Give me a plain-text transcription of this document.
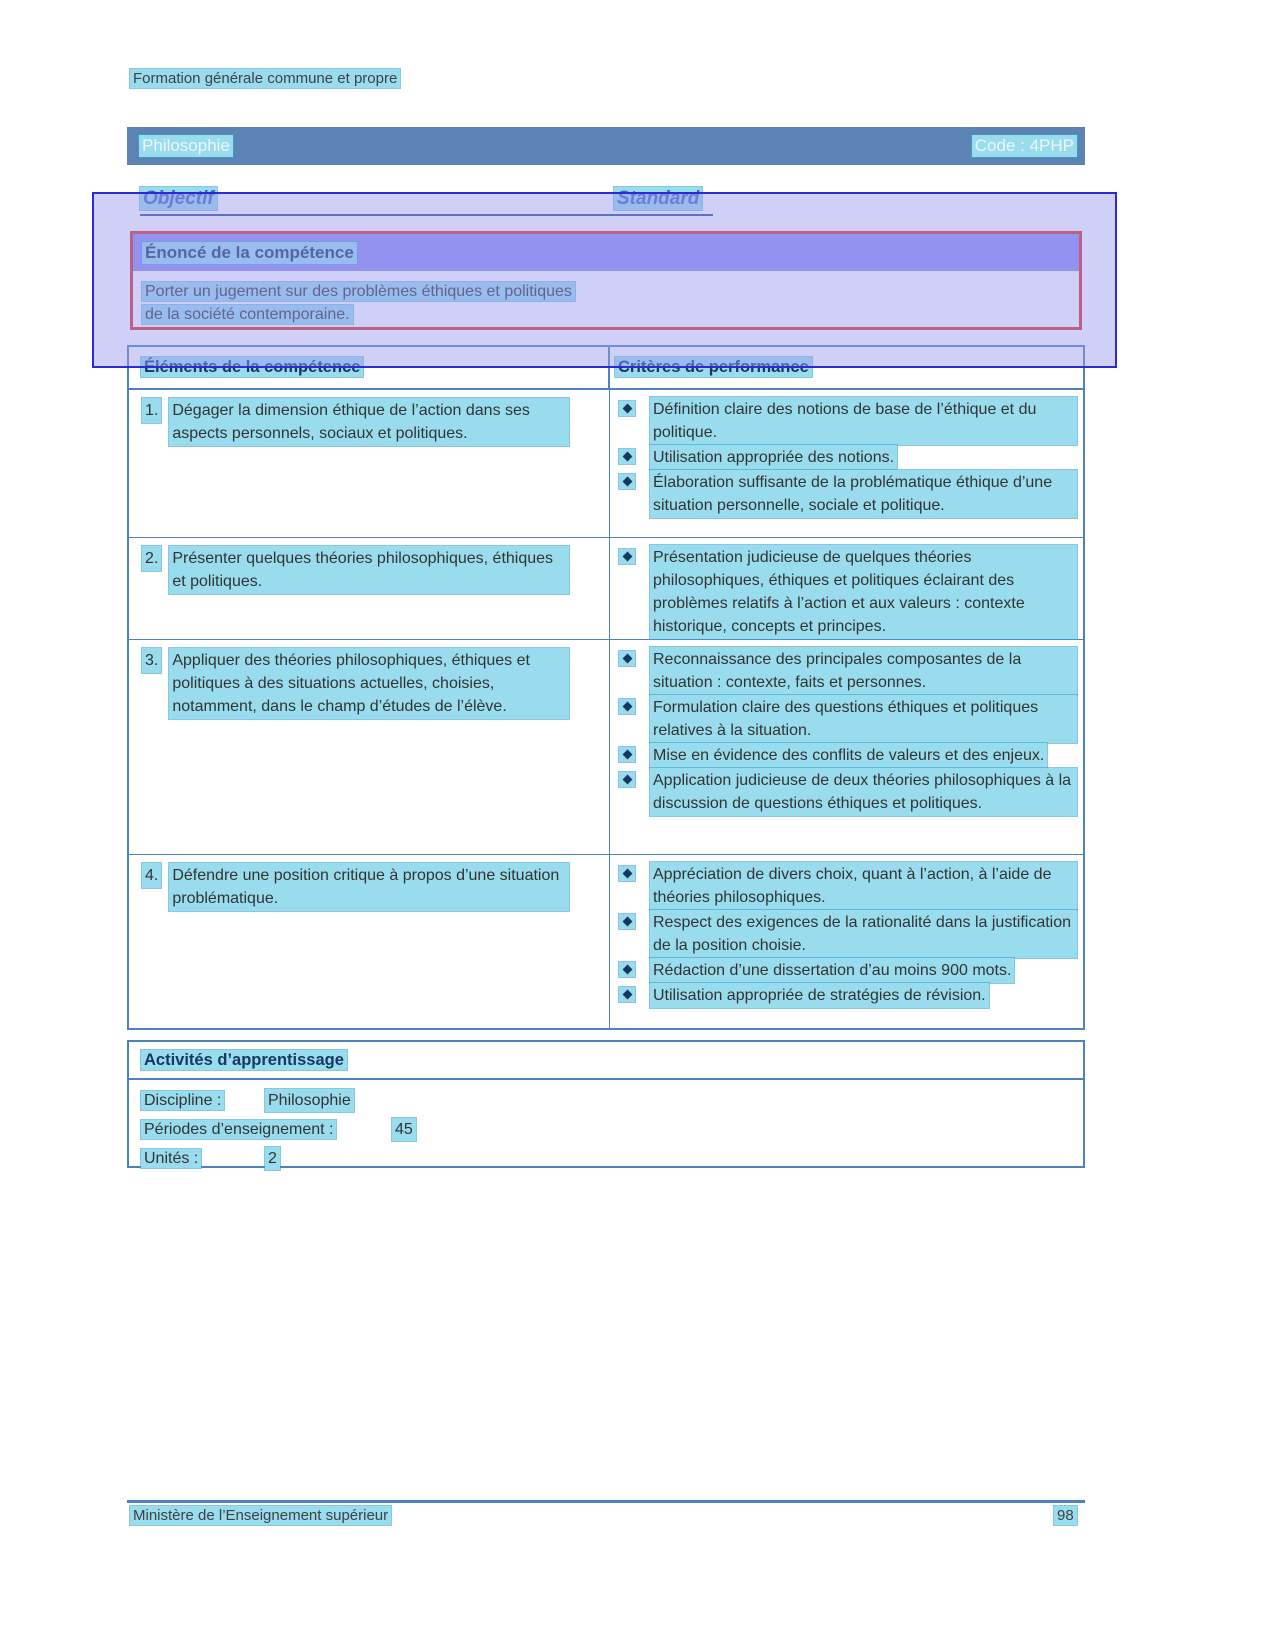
Formation générale commune et propre
Philosophie	Code : 4PHP
Objectif	Standard
Énoncé de la compétence
Porter un jugement sur des problèmes éthiques et politiques de la société contemporaine.
Éléments de la compétence	Critères de performance
1. Dégager la dimension éthique de l’action dans ses aspects personnels, sociaux et politiques.
Définition claire des notions de base de l’éthique et du politique.
Utilisation appropriée des notions.
Élaboration suffisante de la problématique éthique d’une situation personnelle, sociale et politique.
2. Présenter quelques théories philosophiques, éthiques et politiques.
Présentation judicieuse de quelques théories philosophiques, éthiques et politiques éclairant des problèmes relatifs à l’action et aux valeurs : contexte historique, concepts et principes.
3. Appliquer des théories philosophiques, éthiques et politiques à des situations actuelles, choisies, notamment, dans le champ d’études de l’élève.
Reconnaissance des principales composantes de la situation : contexte, faits et personnes.
Formulation claire des questions éthiques et politiques relatives à la situation.
Mise en évidence des conflits de valeurs et des enjeux.
Application judicieuse de deux théories philosophiques à la discussion de questions éthiques et politiques.
4. Défendre une position critique à propos d’une situation problématique.
Appréciation de divers choix, quant à l’action, à l’aide de théories philosophiques.
Respect des exigences de la rationalité dans la justification de la position choisie.
Rédaction d’une dissertation d’au moins 900 mots.
Utilisation appropriée de stratégies de révision.
Activités d’apprentissage
Discipline :	Philosophie
Périodes d’enseignement :	45
Unités :	2
Ministère de l’Enseignement supérieur	98
